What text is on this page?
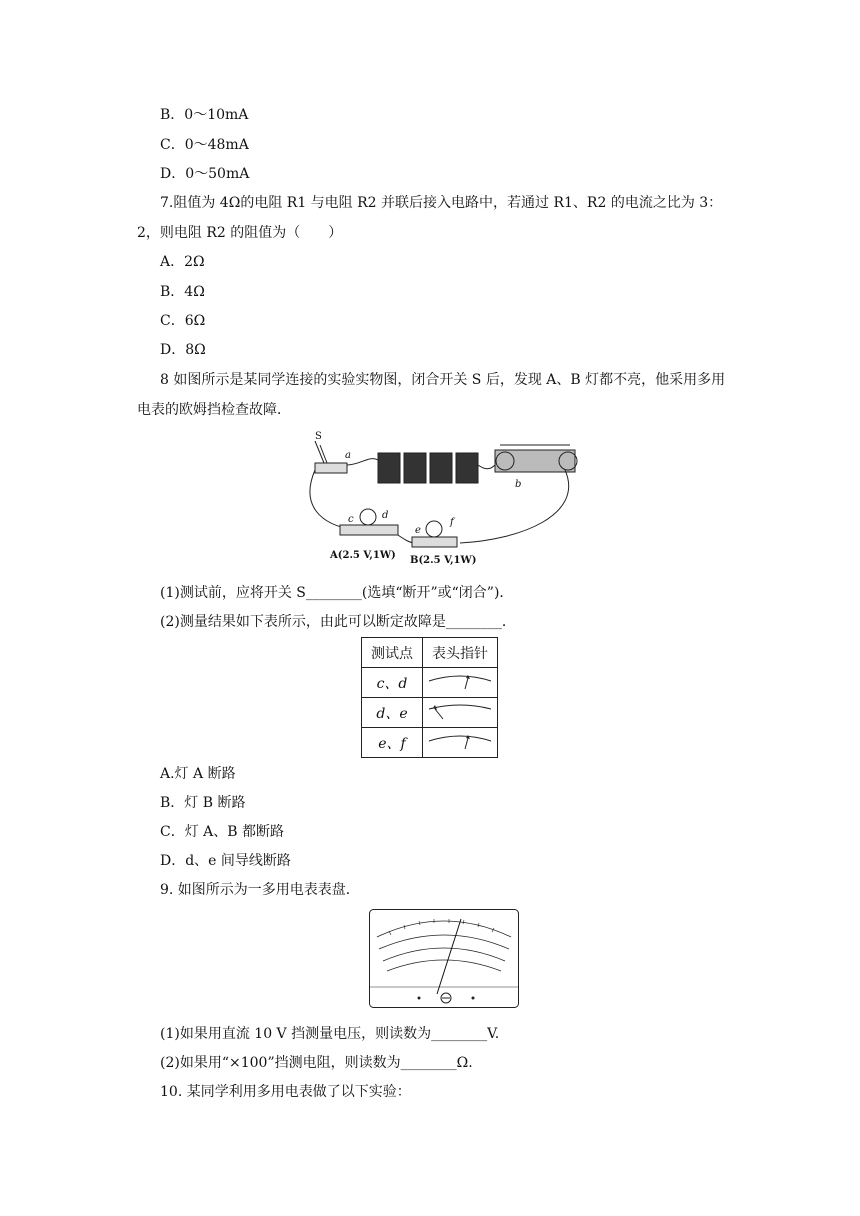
B．0～10mA
C．0～48mA
D．0～50mA
7.阻值为 4Ω的电阻 R1 与电阻 R2 并联后接入电路中，若通过 R1、R2 的电流之比为 3：2，则电阻 R2 的阻值为（　　）
A．2Ω
B．4Ω
C．6Ω
D．8Ω
8 如图所示是某同学连接的实验实物图，闭合开关 S 后，发现 A、B 灯都不亮，他采用多用电表的欧姆挡检查故障．
S
a
b
c	d
e
f
A(2.5 V,1W) B(2.5 V,1W)
(1)测试前，应将开关 S________(选填“断开”或“闭合”)．
(2)测量结果如下表所示，由此可以断定故障是________．
测试点	表头指针
c、d	
d、e	
e、f	
A.灯 A 断路
B．灯 B 断路
C．灯 A、B 都断路
D．d、e 间导线断路
9. 如图所示为一多用电表表盘．
(1)如果用直流 10 V 挡测量电压，则读数为________V.
(2)如果用“×100”挡测电阻，则读数为________Ω.
10. 某同学利用多用电表做了以下实验：
